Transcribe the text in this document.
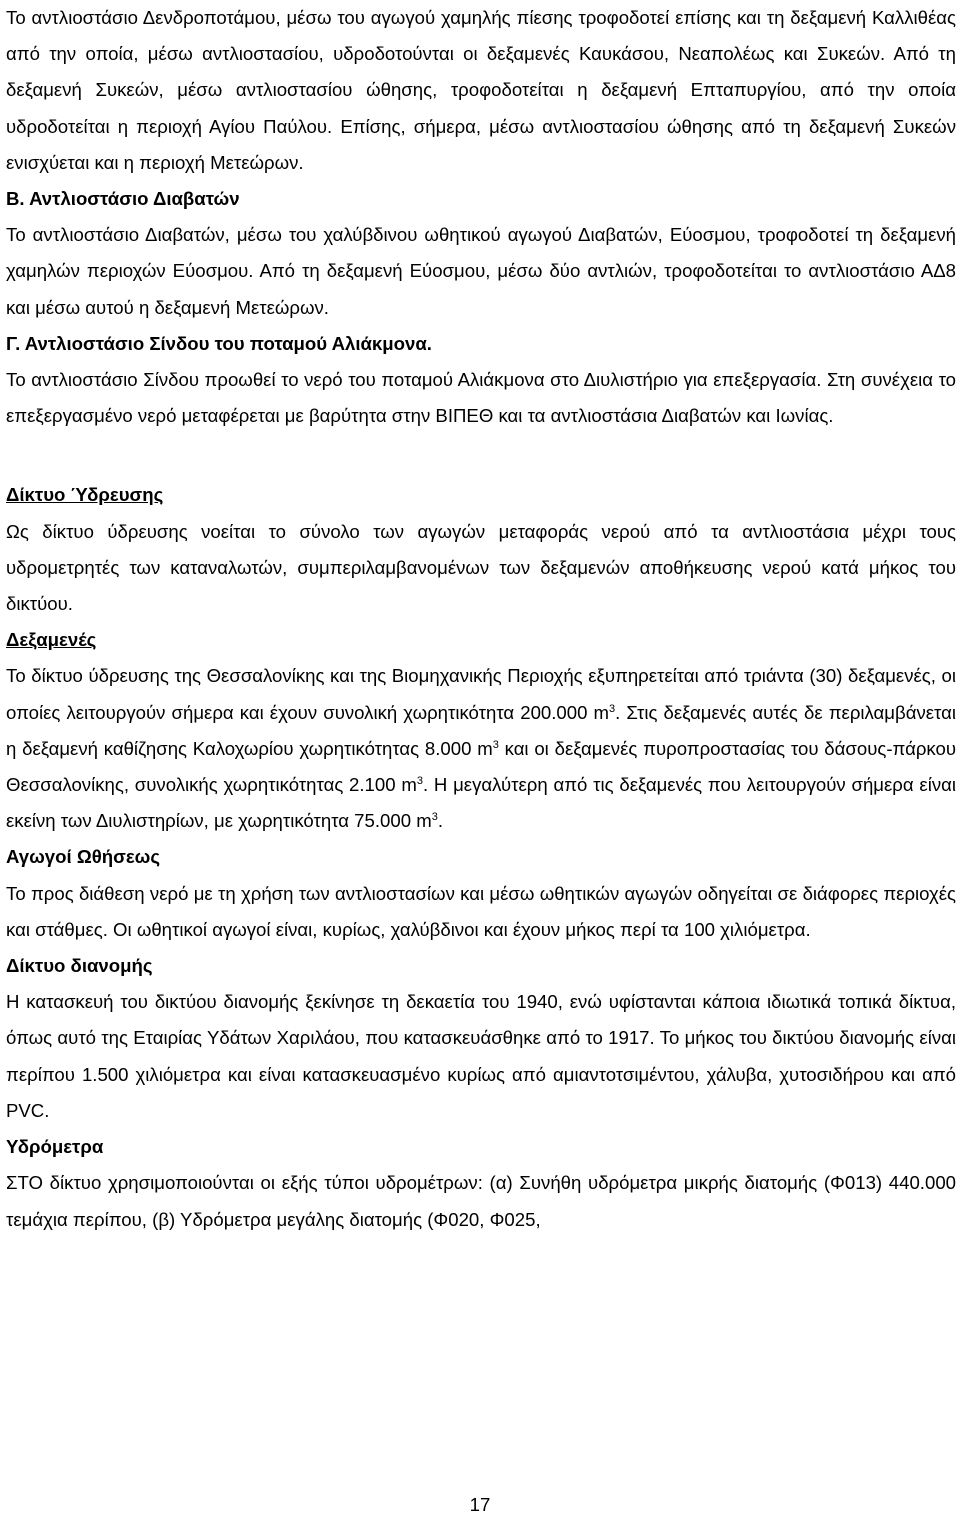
Το αντλιοστάσιο Δενδροποτάμου, μέσω του αγωγού χαμηλής πίεσης τροφοδοτεί επίσης και τη δεξαμενή Καλλιθέας από την οποία, μέσω αντλιοστασίου, υδροδοτούνται οι δεξαμενές Καυκάσου, Νεαπολέως και Συκεών. Από τη δεξαμενή Συκεών, μέσω αντλιοστασίου ώθησης, τροφοδοτείται η δεξαμενή Επταπυργίου, από την οποία υδροδοτείται η περιοχή Αγίου Παύλου. Επίσης, σήμερα, μέσω αντλιοστασίου ώθησης από τη δεξαμενή Συκεών ενισχύεται και η περιοχή Μετεώρων.

Β. Αντλιοστάσιο Διαβατών

Το αντλιοστάσιο Διαβατών, μέσω του χαλύβδινου ωθητικού αγωγού Διαβατών, Εύοσμου, τροφοδοτεί τη δεξαμενή χαμηλών περιοχών Εύοσμου. Από τη δεξαμενή Εύοσμου, μέσω δύο αντλιών, τροφοδοτείται το αντλιοστάσιο ΑΔ8 και μέσω αυτού η δεξαμενή Μετεώρων.

Γ. Αντλιοστάσιο Σίνδου του ποταμού Αλιάκμονα.

Το αντλιοστάσιο Σίνδου προωθεί το νερό του ποταμού Αλιάκμονα στο Διυλιστήριο για επεξεργασία. Στη συνέχεια το επεξεργασμένο νερό μεταφέρεται με βαρύτητα στην ΒΙΠΕΘ και τα αντλιοστάσια Διαβατών και Ιωνίας.

Δίκτυο Ύδρευσης

Ως δίκτυο ύδρευσης νοείται το σύνολο των αγωγών μεταφοράς νερού από τα αντλιοστάσια μέχρι τους υδρομετρητές των καταναλωτών, συμπεριλαμβανομένων των δεξαμενών αποθήκευσης νερού κατά μήκος του δικτύου.

Δεξαμενές

Το δίκτυο ύδρευσης της Θεσσαλονίκης και της Βιομηχανικής Περιοχής εξυπηρετείται από τριάντα (30) δεξαμενές, οι οποίες λειτουργούν σήμερα και έχουν συνολική χωρητικότητα 200.000 $m^3$. Στις δεξαμενές αυτές δε περιλαμβάνεται η δεξαμενή καθίζησης Καλοχωρίου χωρητικότητας 8.000 $m^3$ και οι δεξαμενές πυροπροστασίας του δάσους-πάρκου Θεσσαλονίκης, συνολικής χωρητικότητας 2.100 $m^3$. Η μεγαλύτερη από τις δεξαμενές που λειτουργούν σήμερα είναι εκείνη των Διυλιστηρίων, με χωρητικότητα 75.000 $m^3$.

Αγωγοί Ωθήσεως

Το προς διάθεση νερό με τη χρήση των αντλιοστασίων και μέσω ωθητικών αγωγών οδηγείται σε διάφορες περιοχές και στάθμες. Οι ωθητικοί αγωγοί είναι, κυρίως, χαλύβδινοι και έχουν μήκος περί τα 100 χιλιόμετρα.

Δίκτυο διανομής

Η κατασκευή του δικτύου διανομής ξεκίνησε τη δεκαετία του 1940, ενώ υφίστανται κάποια ιδιωτικά τοπικά δίκτυα, όπως αυτό της Εταιρίας Υδάτων Χαριλάου, που κατασκευάσθηκε από το 1917. Το μήκος του δικτύου διανομής είναι περίπου 1.500 χιλιόμετρα και είναι κατασκευασμένο κυρίως από αμιαντοτσιμέντου, χάλυβα, χυτοσιδήρου και από PVC.

Υδρόμετρα

ΣΤΟ δίκτυο χρησιμοποιούνται οι εξής τύποι υδρομέτρων: (α) Συνήθη υδρόμετρα μικρής διατομής (Φ013) 440.000 τεμάχια περίπου, (β) Υδρόμετρα μεγάλης διατομής (Φ020, Φ025,

17
